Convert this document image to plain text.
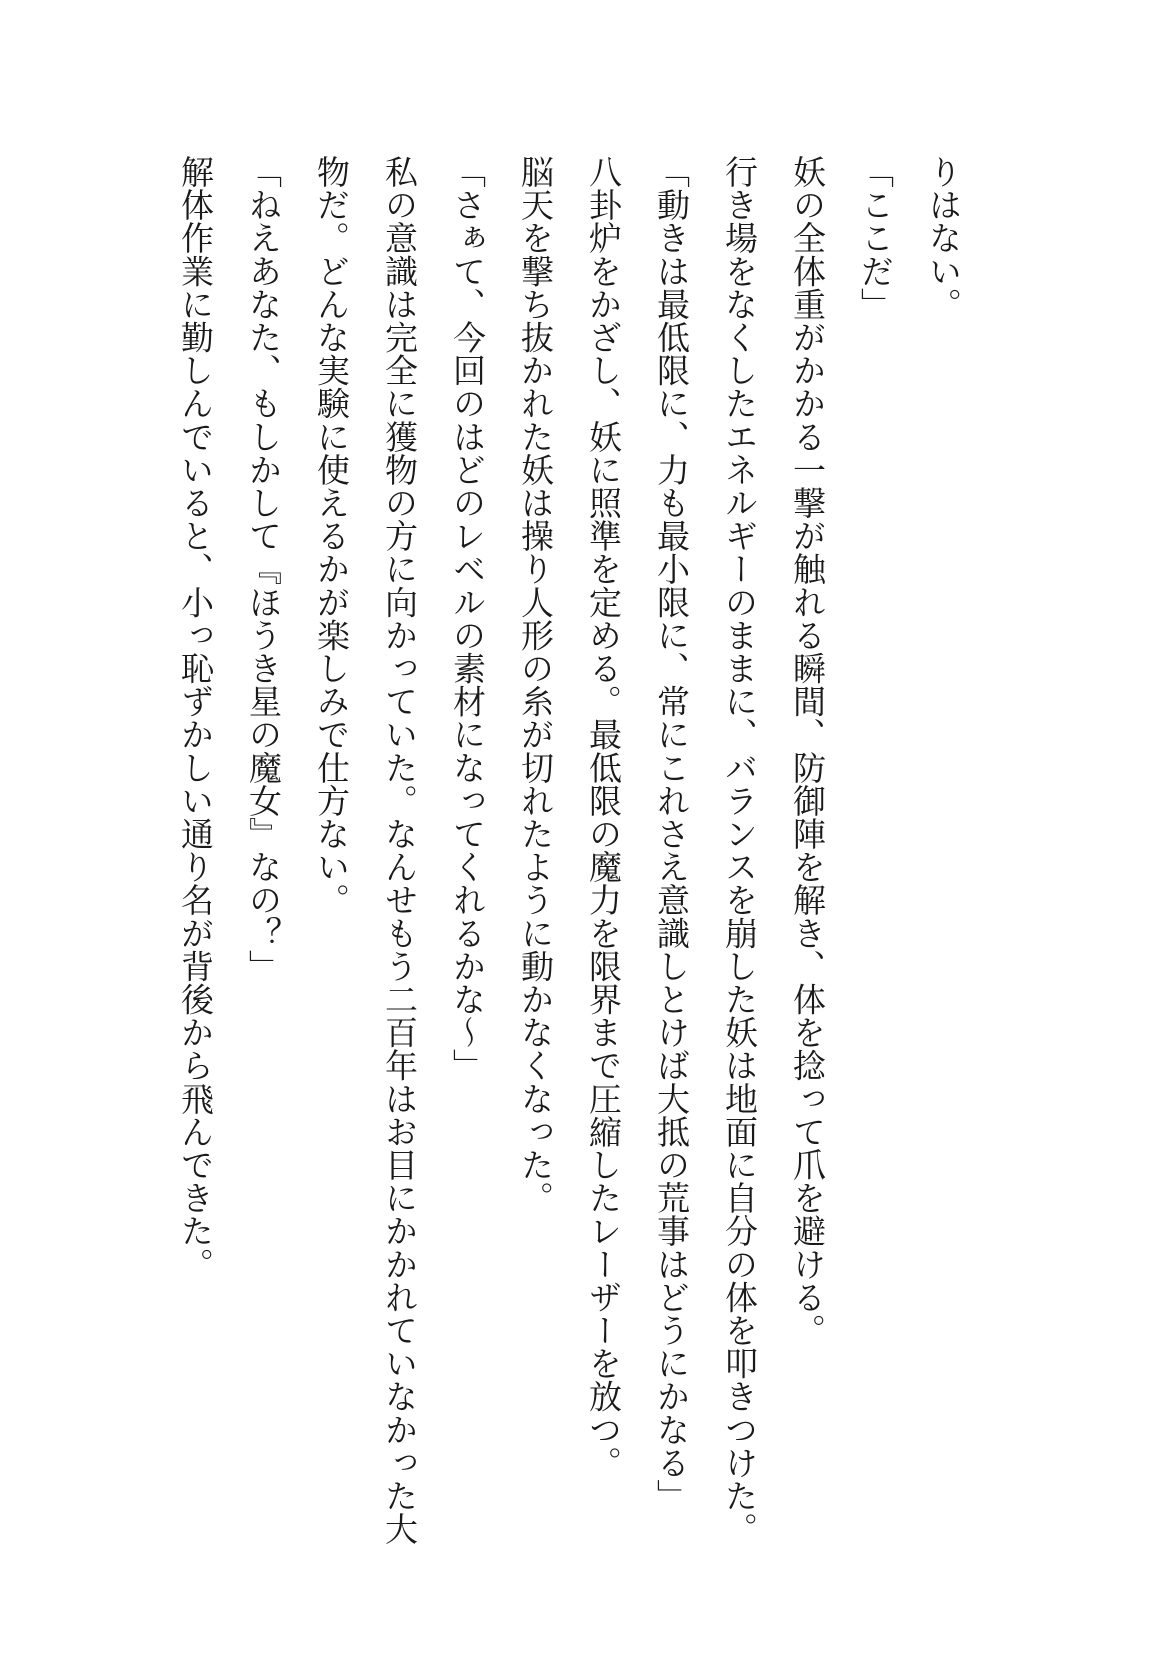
りはない。
「ここだ」
妖の全体重がかかる一撃が触れる瞬間、防御陣を解き、体を捻って爪を避ける。
行き場をなくしたエネルギーのままに、バランスを崩した妖は地面に自分の体を叩きつけた。
「動きは最低限に、力も最小限に、常にこれさえ意識しとけば大抵の荒事はどうにかなる」
八卦炉をかざし、妖に照準を定める。最低限の魔力を限界まで圧縮したレーザーを放つ。
脳天を撃ち抜かれた妖は操り人形の糸が切れたように動かなくなった。
「さぁて、今回のはどのレベルの素材になってくれるかな〜」
私の意識は完全に獲物の方に向かっていた。なんせもう二百年はお目にかかれていなかった大
物だ。どんな実験に使えるかが楽しみで仕方ない。
「ねえあなた、もしかして『ほうき星の魔女』なの？」
解体作業に勤しんでいると、小っ恥ずかしい通り名が背後から飛んできた。
